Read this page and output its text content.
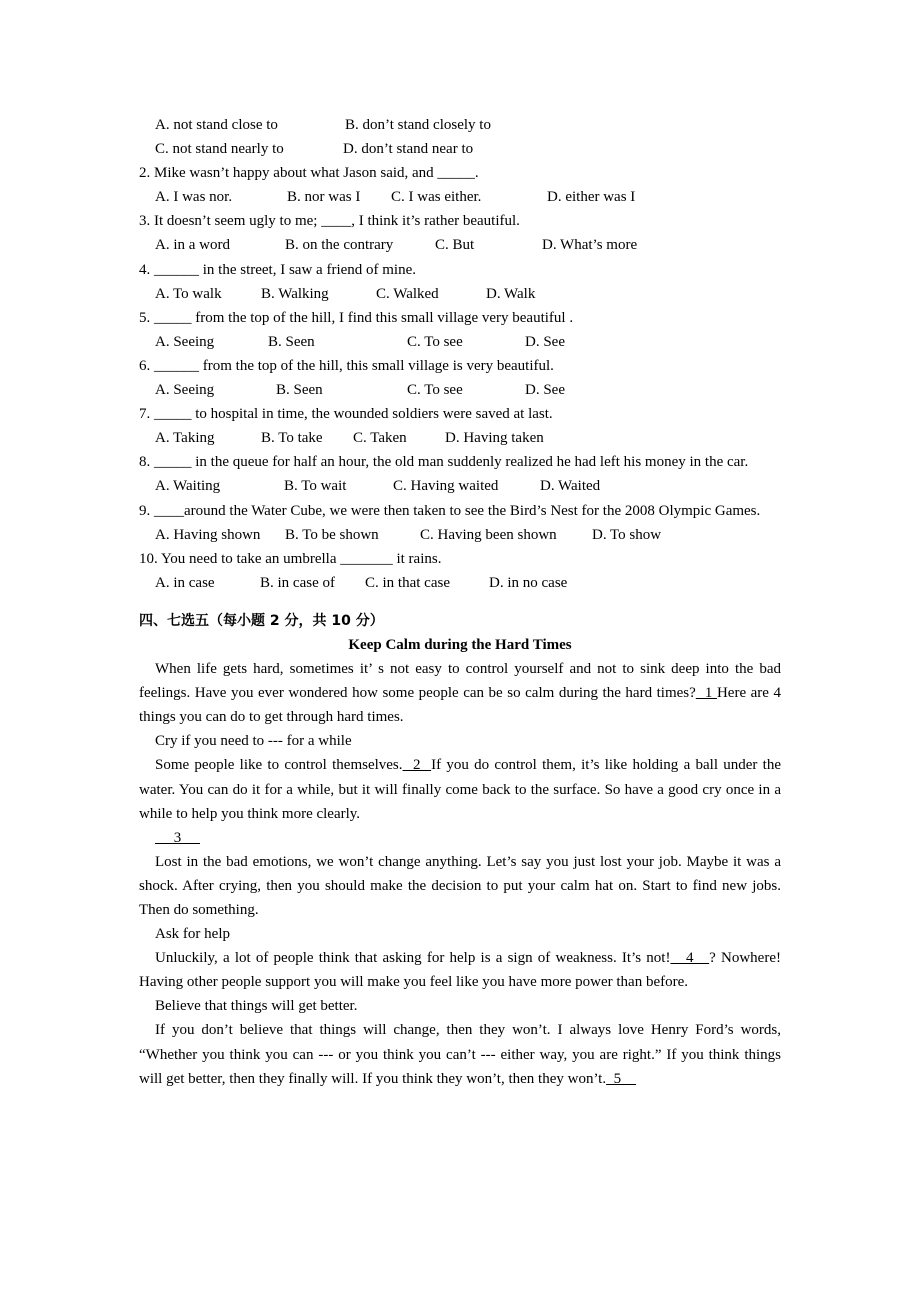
A. not stand close to	B. don’t stand closely to
C. not stand nearly to	D. don’t stand near to
2. Mike wasn’t happy about what Jason said, and _____.
A. I was nor.	B. nor was I C. I was either.	D. either was I
3. It doesn’t seem ugly to me; ____, I think it’s rather beautiful.
A. in a word	B. on the contrary	C. But	D. What’s more
4. ______ in the street, I saw a friend of mine.
A. To walk	B. Walking	C. Walked	D. Walk
5. _____ from the top of the hill, I find this small village very beautiful .
A. Seeing	B. Seen	C. To see	D. See
6. ______ from the top of the hill, this small village is very beautiful.
A. Seeing	B. Seen	C. To see	D. See
7. _____ to hospital in time, the wounded soldiers were saved at last.
A. Taking	B. To take C. Taken	D. Having taken
8. _____ in the queue for half an hour, the old man suddenly realized he had left his money in the car.
A. Waiting	B. To wait	C. Having waited	D. Waited
9. ____around the Water Cube, we were then taken to see the Bird’s Nest for the 2008 Olympic Games.
A. Having shown B. To be shown	C. Having been shown D. To show
10. You need to take an umbrella _______ it rains.
A. in case	B. in case of C. in that case	D. in no case
四、七选五（每小题 2 分，共 10 分）
Keep Calm during the Hard Times
When life gets hard, sometimes it’ s not easy to control yourself and not to sink deep into the bad feelings. Have you ever wondered how some people can be so calm during the hard times?  1 Here are 4 things you can do to get through hard times.
Cry if you need to --- for a while
Some people like to control themselves.  2  If you do control them, it’s like holding a ball under the water. You can do it for a while, but it will finally come back to the surface. So have a good cry once in a while to help you think more clearly.
3
Lost in the bad emotions, we won’t change anything. Let’s say you just lost your job. Maybe it was a shock. After crying, then you should make the decision to put your calm hat on. Start to find new jobs. Then do something.
Ask for help
Unluckily, a lot of people think that asking for help is a sign of weakness. It’s not!   4   ? Nowhere! Having other people support you will make you feel like you have more power than before.
Believe that things will get better.
If you don’t believe that things will change, then they won’t. I always love Henry Ford’s words, “Whether you think you can --- or you think you can’t --- either way, you are right.” If you think things will get better, then they finally will. If you think they won’t, then they won’t.  5
